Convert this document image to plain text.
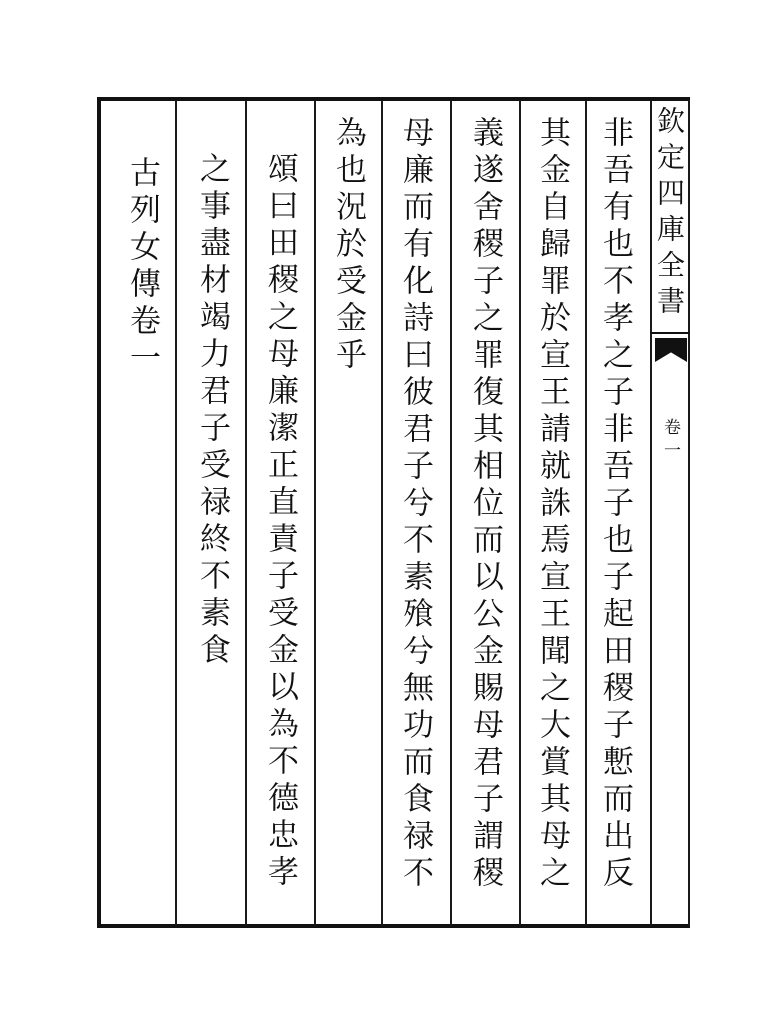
欽定四庫全書
卷一
非吾有也不孝之子非吾子也子起田稷子慙而出反
其金自歸罪於宣王請就誅焉宣王聞之大賞其母之
義遂舍稷子之罪復其相位而以公金賜母君子謂稷
母廉而有化詩曰彼君子兮不素飱兮無功而食禄不
為也況於受金乎
頌曰田稷之母廉潔正直責子受金以為不德忠孝
之事盡材竭力君子受禄終不素食
古列女傳卷一
